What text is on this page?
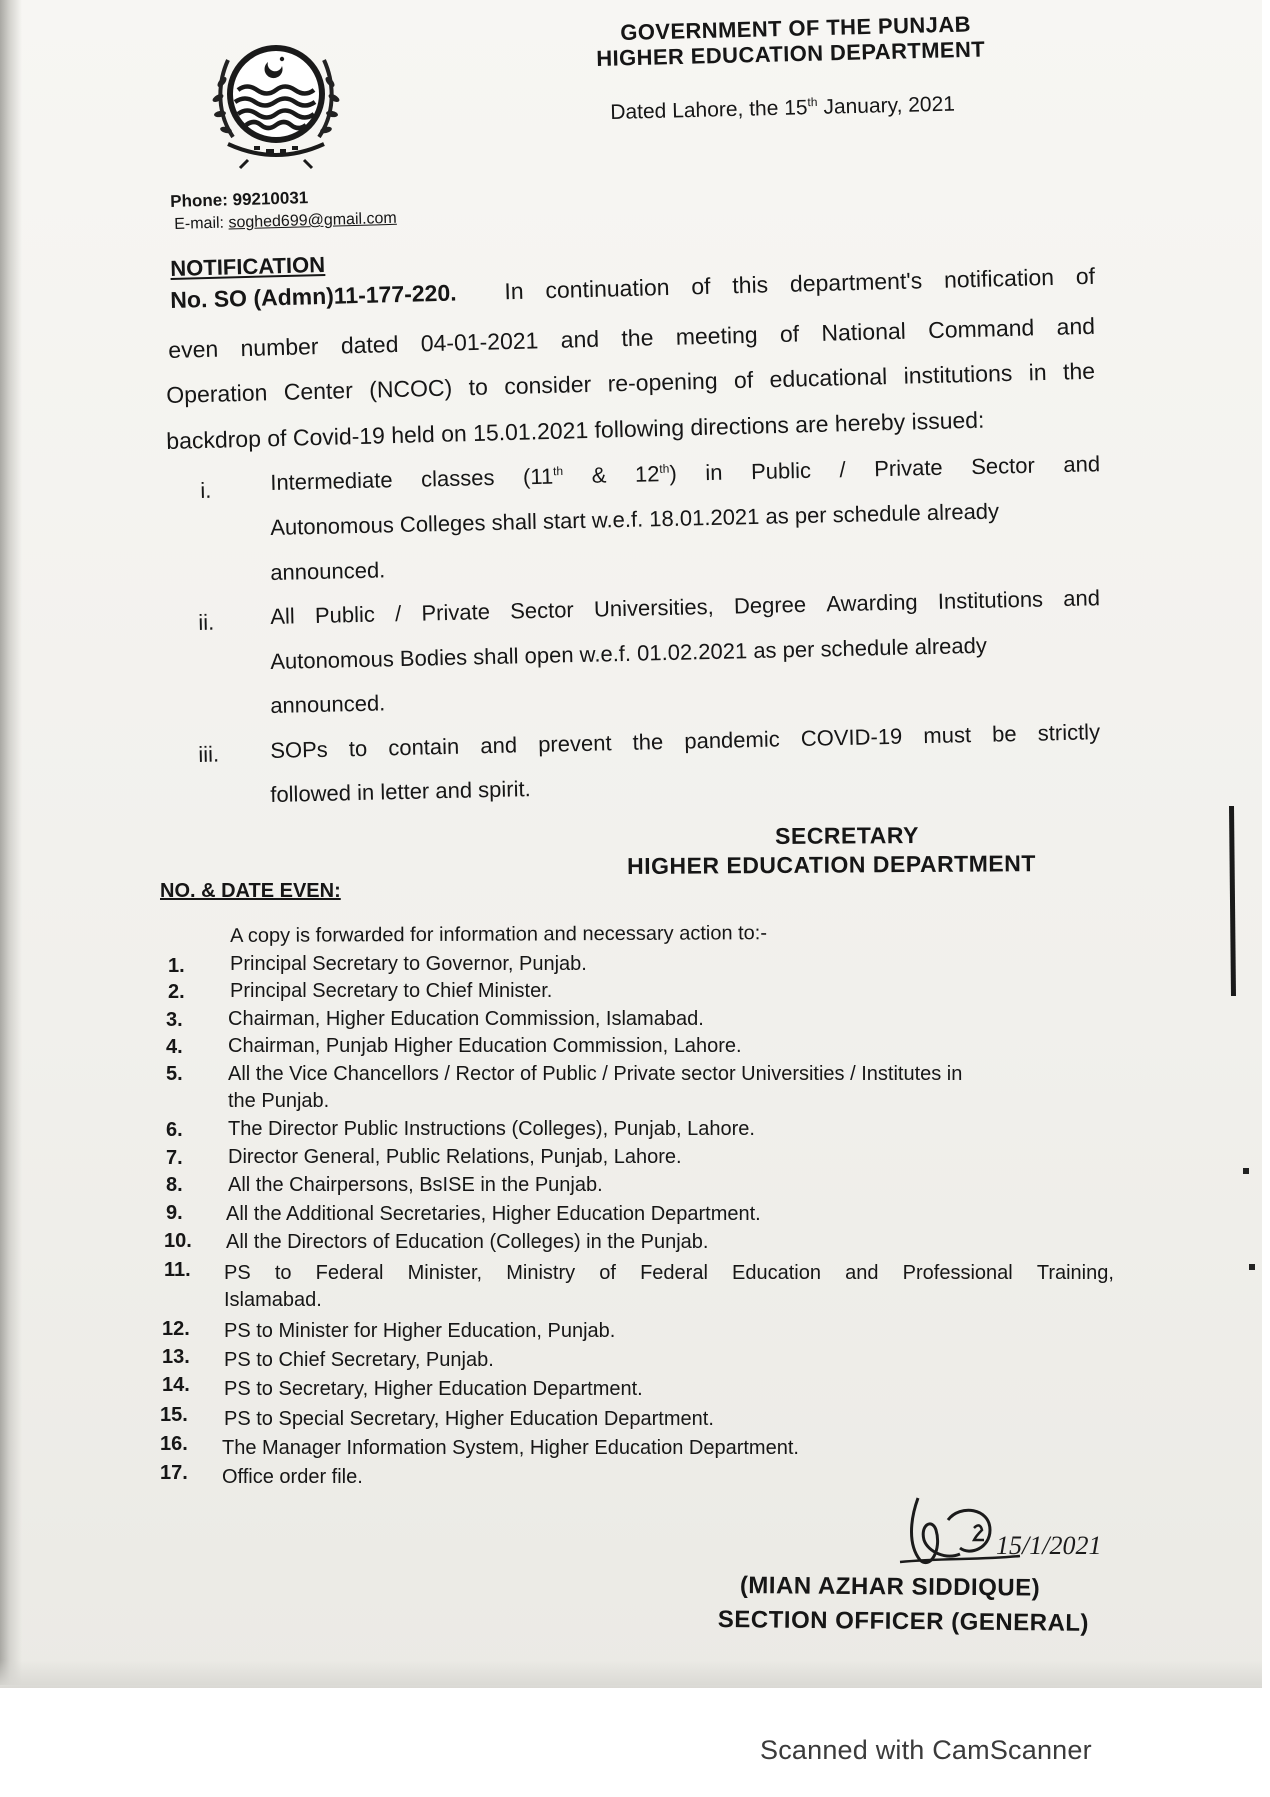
GOVERNMENT OF THE PUNJAB
HIGHER EDUCATION DEPARTMENT
Dated Lahore, the 15th January, 2021
Phone: 99210031
E-mail: soghed699@gmail.com
NOTIFICATION
No. SO (Admn)11-177-220. In continuation of this department's notification of
even number dated 04-01-2021 and the meeting of National Command and
Operation Center (NCOC) to consider re-opening of educational institutions in the
backdrop of Covid-19 held on 15.01.2021 following directions are hereby issued:
i.	Intermediate classes (11th & 12th) in Public / Private Sector and
Autonomous Colleges shall start w.e.f. 18.01.2021 as per schedule already
announced.
ii.	All Public / Private Sector Universities, Degree Awarding Institutions and
Autonomous Bodies shall open w.e.f. 01.02.2021 as per schedule already
announced.
iii. SOPs to contain and prevent the pandemic COVID-19 must be strictly
followed in letter and spirit.
SECRETARY
HIGHER EDUCATION DEPARTMENT
NO. & DATE EVEN:
A copy is forwarded for information and necessary action to:-
1.	Principal Secretary to Governor, Punjab.
2.	Principal Secretary to Chief Minister.
3.	Chairman, Higher Education Commission, Islamabad.
4.	Chairman, Punjab Higher Education Commission, Lahore.
5.	All the Vice Chancellors / Rector of Public / Private sector Universities / Institutes in
the Punjab.
6.	The Director Public Instructions (Colleges), Punjab, Lahore.
7.	Director General, Public Relations, Punjab, Lahore.
8.	All the Chairpersons, BsISE in the Punjab.
9.	All the Additional Secretaries, Higher Education Department.
10.	All the Directors of Education (Colleges) in the Punjab.
11.	PS to Federal Minister, Ministry of Federal Education and Professional Training,
Islamabad.
12.	PS to Minister for Higher Education, Punjab.
13.	PS to Chief Secretary, Punjab.
14.	PS to Secretary, Higher Education Department.
15.	PS to Special Secretary, Higher Education Department.
16.	The Manager Information System, Higher Education Department.
17.	Office order file.
15/1/2021
(MIAN AZHAR SIDDIQUE)
SECTION OFFICER (GENERAL)
Scanned with CamScanner
